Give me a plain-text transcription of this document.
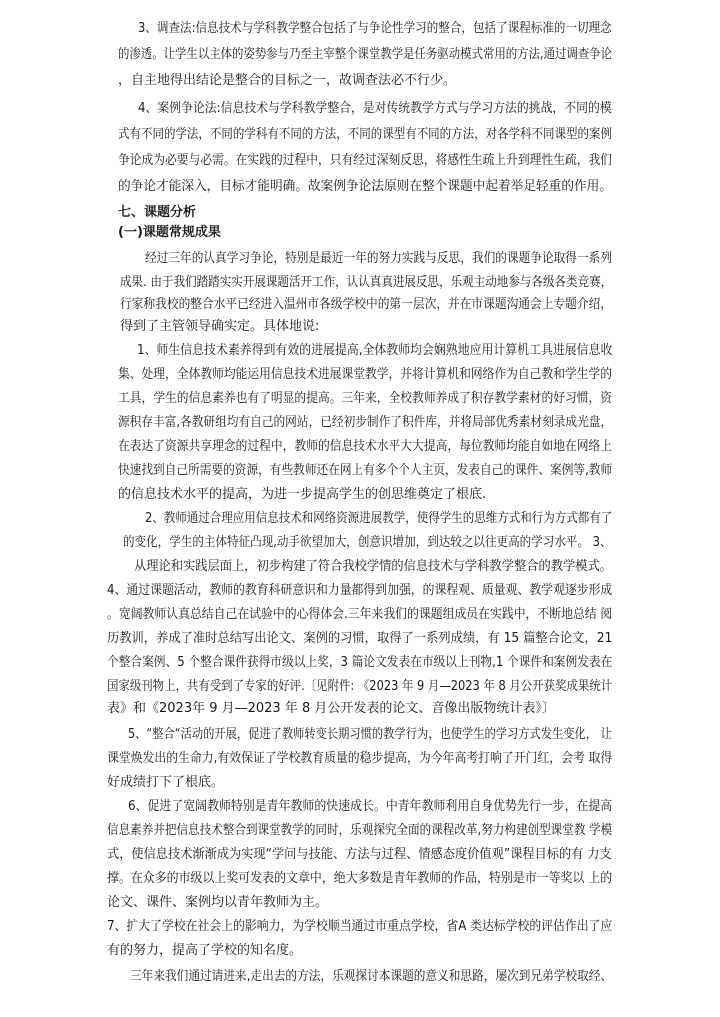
3、调查法:信息技术与学科教学整合包括了与争论性学习的整合，包括了课程标准的一切理念
的渗透。让学生以主体的姿势参与乃至主宰整个课堂教学是任务驱动模式常用的方法,通过调查争论
，自主地得出结论是整合的目标之一，故调查法必不行少。
4、案例争论法:信息技术与学科教学整合，是对传统教学方式与学习方法的挑战，不同的模
式有不同的学法，不同的学科有不同的方法，不同的课型有不同的方法，对各学科不同课型的案例
争论成为必要与必需。在实践的过程中，只有经过深刻反思，将感性生疏上升到理性生疏，我们
的争论才能深入，目标才能明确。故案例争论法原则在整个课题中起着举足轻重的作用。
七、课题分析
(一)课题常规成果
经过三年的认真学习争论，特别是最近一年的努力实践与反思，我们的课题争论取得一系列
成果. 由于我们踏踏实实开展课题活开工作，认认真真进展反思，乐观主动地参与各级各类竞赛，
行家称我校的整合水平已经进入温州市各级学校中的第一层次，并在市课题沟通会上专题介绍，
得到了主管领导确实定。具体地说:
1、师生信息技术素养得到有效的进展提高,全体教师均会娴熟地应用计算机工具进展信息收
集、处理，全体教师均能运用信息技术进展课堂教学，并将计算机和网络作为自己教和学生学的
工具，学生的信息素养也有了明显的提高。三年来，全校教师养成了积存教学素材的好习惯，资
源积存丰富,各教研组均有自己的网站，已经初步制作了积件库，并将局部优秀素材刻录成光盘，
在表达了资源共享理念的过程中，教师的信息技术水平大大提高，每位教师均能自如地在网络上
快速找到自己所需要的资源，有些教师还在网上有多个个人主页，发表自己的课件、案例等,教师
的信息技术水平的提高，为进一步提高学生的创思维奠定了根底.
2、教师通过合理应用信息技术和网络资源进展教学，使得学生的思维方式和行为方式都有了
的变化，学生的主体特征凸现,动手欲望加大，创意识增加，到达较之以往更高的学习水平。 3、
从理论和实践层面上，初步构建了符合我校学情的信息技术与学科教学整合的教学模式。
4、通过课题活动，教师的教育科研意识和力量都得到加强，的课程观、质量观、教学观逐步形成
。宽阔教师认真总结自己在试验中的心得体会.三年来我们的课题组成员在实践中，不断地总结 阅
历教训，养成了准时总结写出论文、案例的习惯，取得了一系列成绩，有 15 篇整合论文，21
个整合案例、5 个整合课件获得市级以上奖，3 篇论文发表在市级以上刊物,1 个课件和案例发表在
国家级刊物上，共有受到了专家的好评.〔见附件: 《2023 年 9 月—2023 年 8 月公开获奖成果统计
表》和《2023年 9 月—2023 年 8 月公开发表的论文、音像出版物统计表》〕
5、“整合“活动的开展，促进了教师转变长期习惯的教学行为，也使学生的学习方式发生变化， 让
课堂焕发出的生命力,有效保证了学校教育质量的稳步提高，为今年高考打响了开门红，会考 取得
好成绩打下了根底。
6、促进了宽阔教师特别是青年教师的快速成长。中青年教师利用自身优势先行一步，在提高
信息素养并把信息技术整合到课堂教学的同时，乐观探究全面的课程改革,努力构建创型课堂教 学模
式，使信息技术渐渐成为实现“学问与技能、方法与过程、情感态度价值观”课程目标的有 力支
撑。在众多的市级以上奖可发表的文章中，绝大多数是青年教师的作品，特别是市一等奖以 上的
论文、课件、案例均以青年教师为主。
7、扩大了学校在社会上的影响力，为学校顺当通过市重点学校，省A 类达标学校的评估作出了应
有的努力，提高了学校的知名度。
三年来我们通过请进来,走出去的方法，乐观探讨本课题的意义和思路，屡次到兄弟学校取经、
